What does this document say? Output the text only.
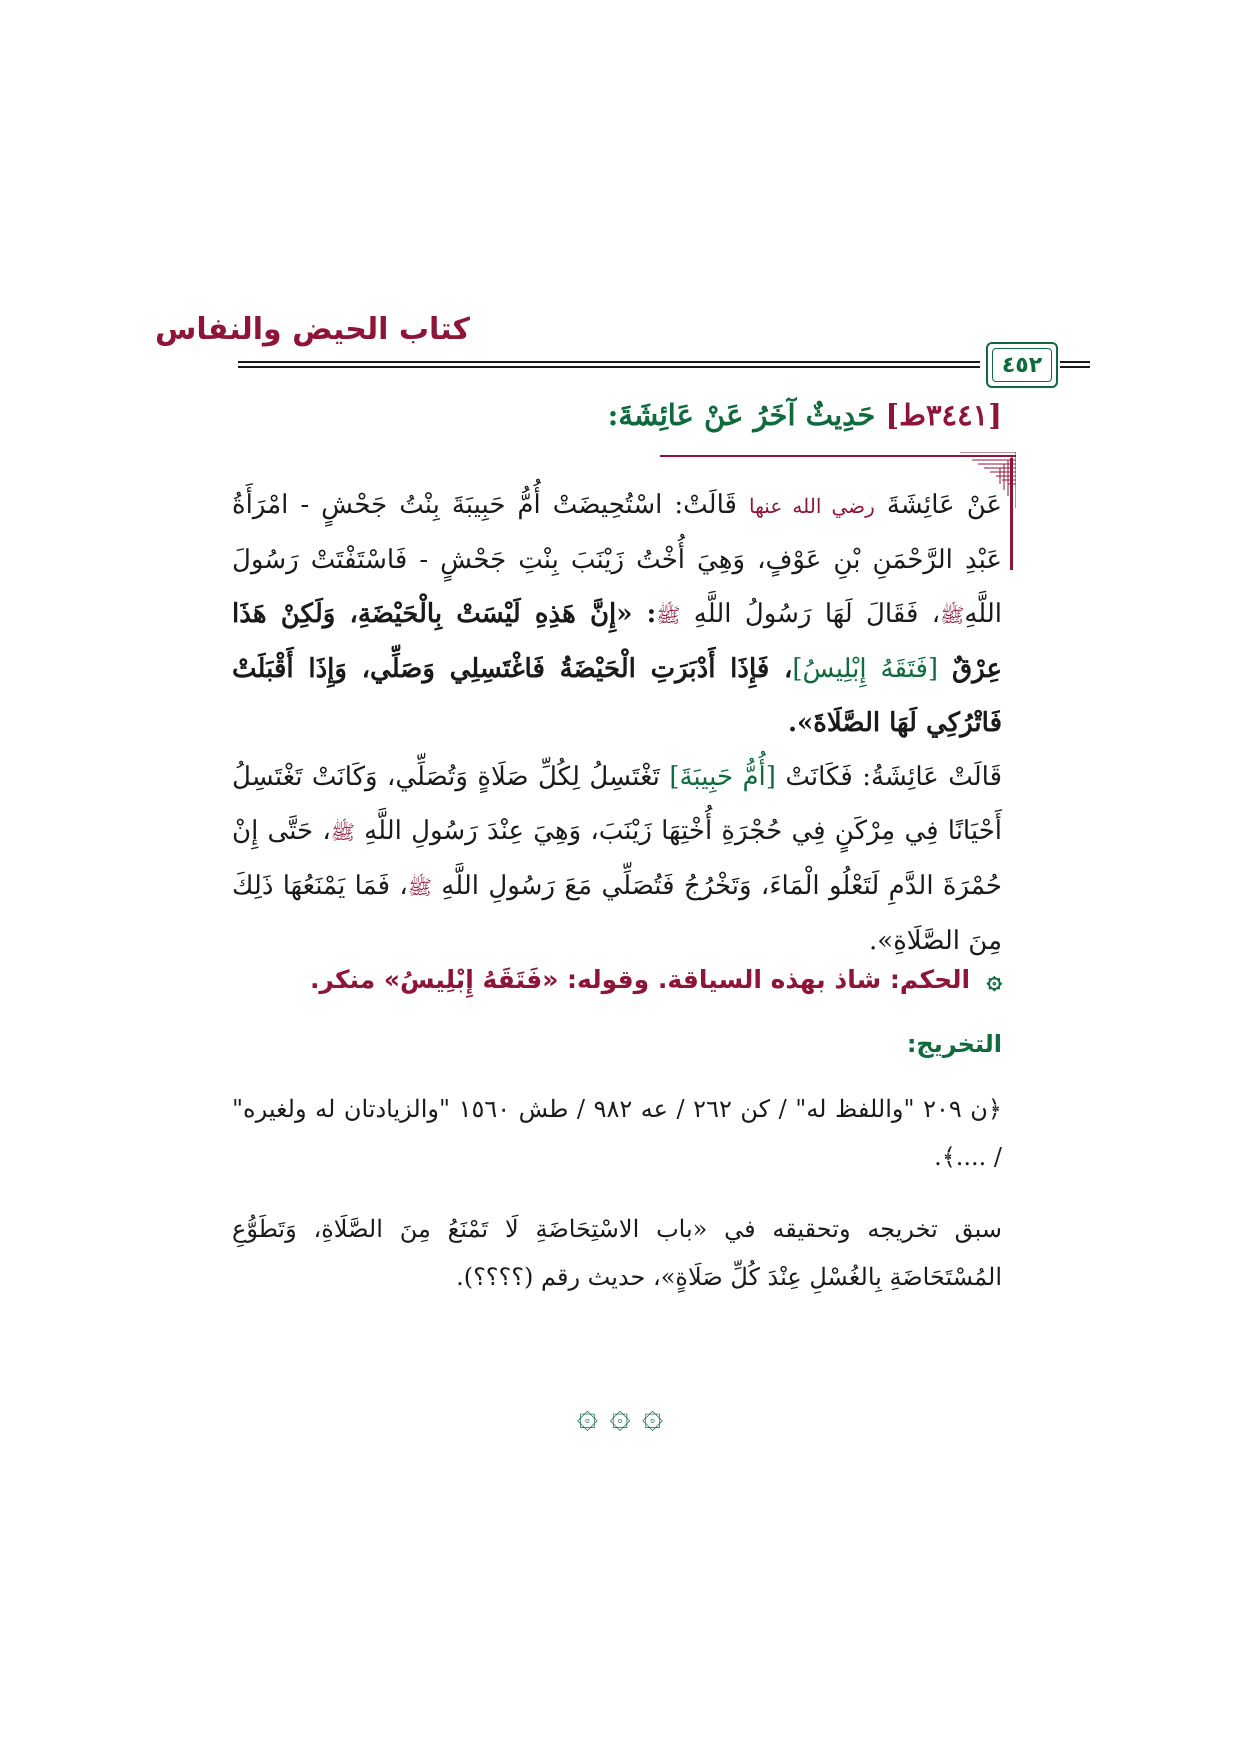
كتاب الحيض والنفاس
٤٥٢
[٣٤٤١ط] حَدِيثٌ آخَرُ عَنْ عَائِشَةَ:

عَنْ عَائِشَةَ رضي الله عنها قَالَتْ: اسْتُحِيضَتْ أُمُّ حَبِيبَةَ بِنْتُ جَحْشٍ - امْرَأَةُ عَبْدِ الرَّحْمَنِ بْنِ عَوْفٍ، وَهِيَ أُخْتُ زَيْنَبَ بِنْتِ جَحْشٍ - فَاسْتَفْتَتْ رَسُولَ اللَّهِﷺ، فَقَالَ لَهَا رَسُولُ اللَّهِ ﷺ: «إِنَّ هَذِهِ لَيْسَتْ بِالْحَيْضَةِ، وَلَكِنْ هَذَا عِرْقٌ [فَتَقَهُ إِبْلِيسُ]، فَإِذَا أَدْبَرَتِ الْحَيْضَةُ فَاغْتَسِلِي وَصَلِّي، وَإِذَا أَقْبَلَتْ فَاتْرُكِي لَهَا الصَّلَاةَ».

قَالَتْ عَائِشَةُ: فَكَانَتْ [أُمُّ حَبِيبَةَ] تَغْتَسِلُ لِكُلِّ صَلَاةٍ وَتُصَلِّي، وَكَانَتْ تَغْتَسِلُ أَحْيَانًا فِي مِرْكَنٍ فِي حُجْرَةِ أُخْتِهَا زَيْنَبَ، وَهِيَ عِنْدَ رَسُولِ اللَّهِ ﷺ، حَتَّى إِنْ حُمْرَةَ الدَّمِ لَتَعْلُو الْمَاءَ، وَتَخْرُجُ فَتُصَلِّي مَعَ رَسُولِ اللَّهِ ﷺ، فَمَا يَمْنَعُهَا ذَلِكَ مِنَ الصَّلَاةِ».

۞ الحكم: شاذ بهذه السياقة. وقوله: «فَتَقَهُ إِبْلِيسُ» منكر.
التخريج:

﴿ن ٢٠٩ "واللفظ له" / كن ٢٦٢ / عه ٩٨٢ / طش ١٥٦٠ "والزيادتان له ولغيره" / ....﴾.

سبق تخريجه وتحقيقه في «باب الاسْتِحَاضَةِ لَا تَمْنَعُ مِنَ الصَّلَاةِ، وَتَطَوُّعِ المُسْتَحَاضَةِ بِالغُسْلِ عِنْدَ كُلِّ صَلَاةٍ»، حديث رقم (؟؟؟؟).

۞ ۞ ۞
